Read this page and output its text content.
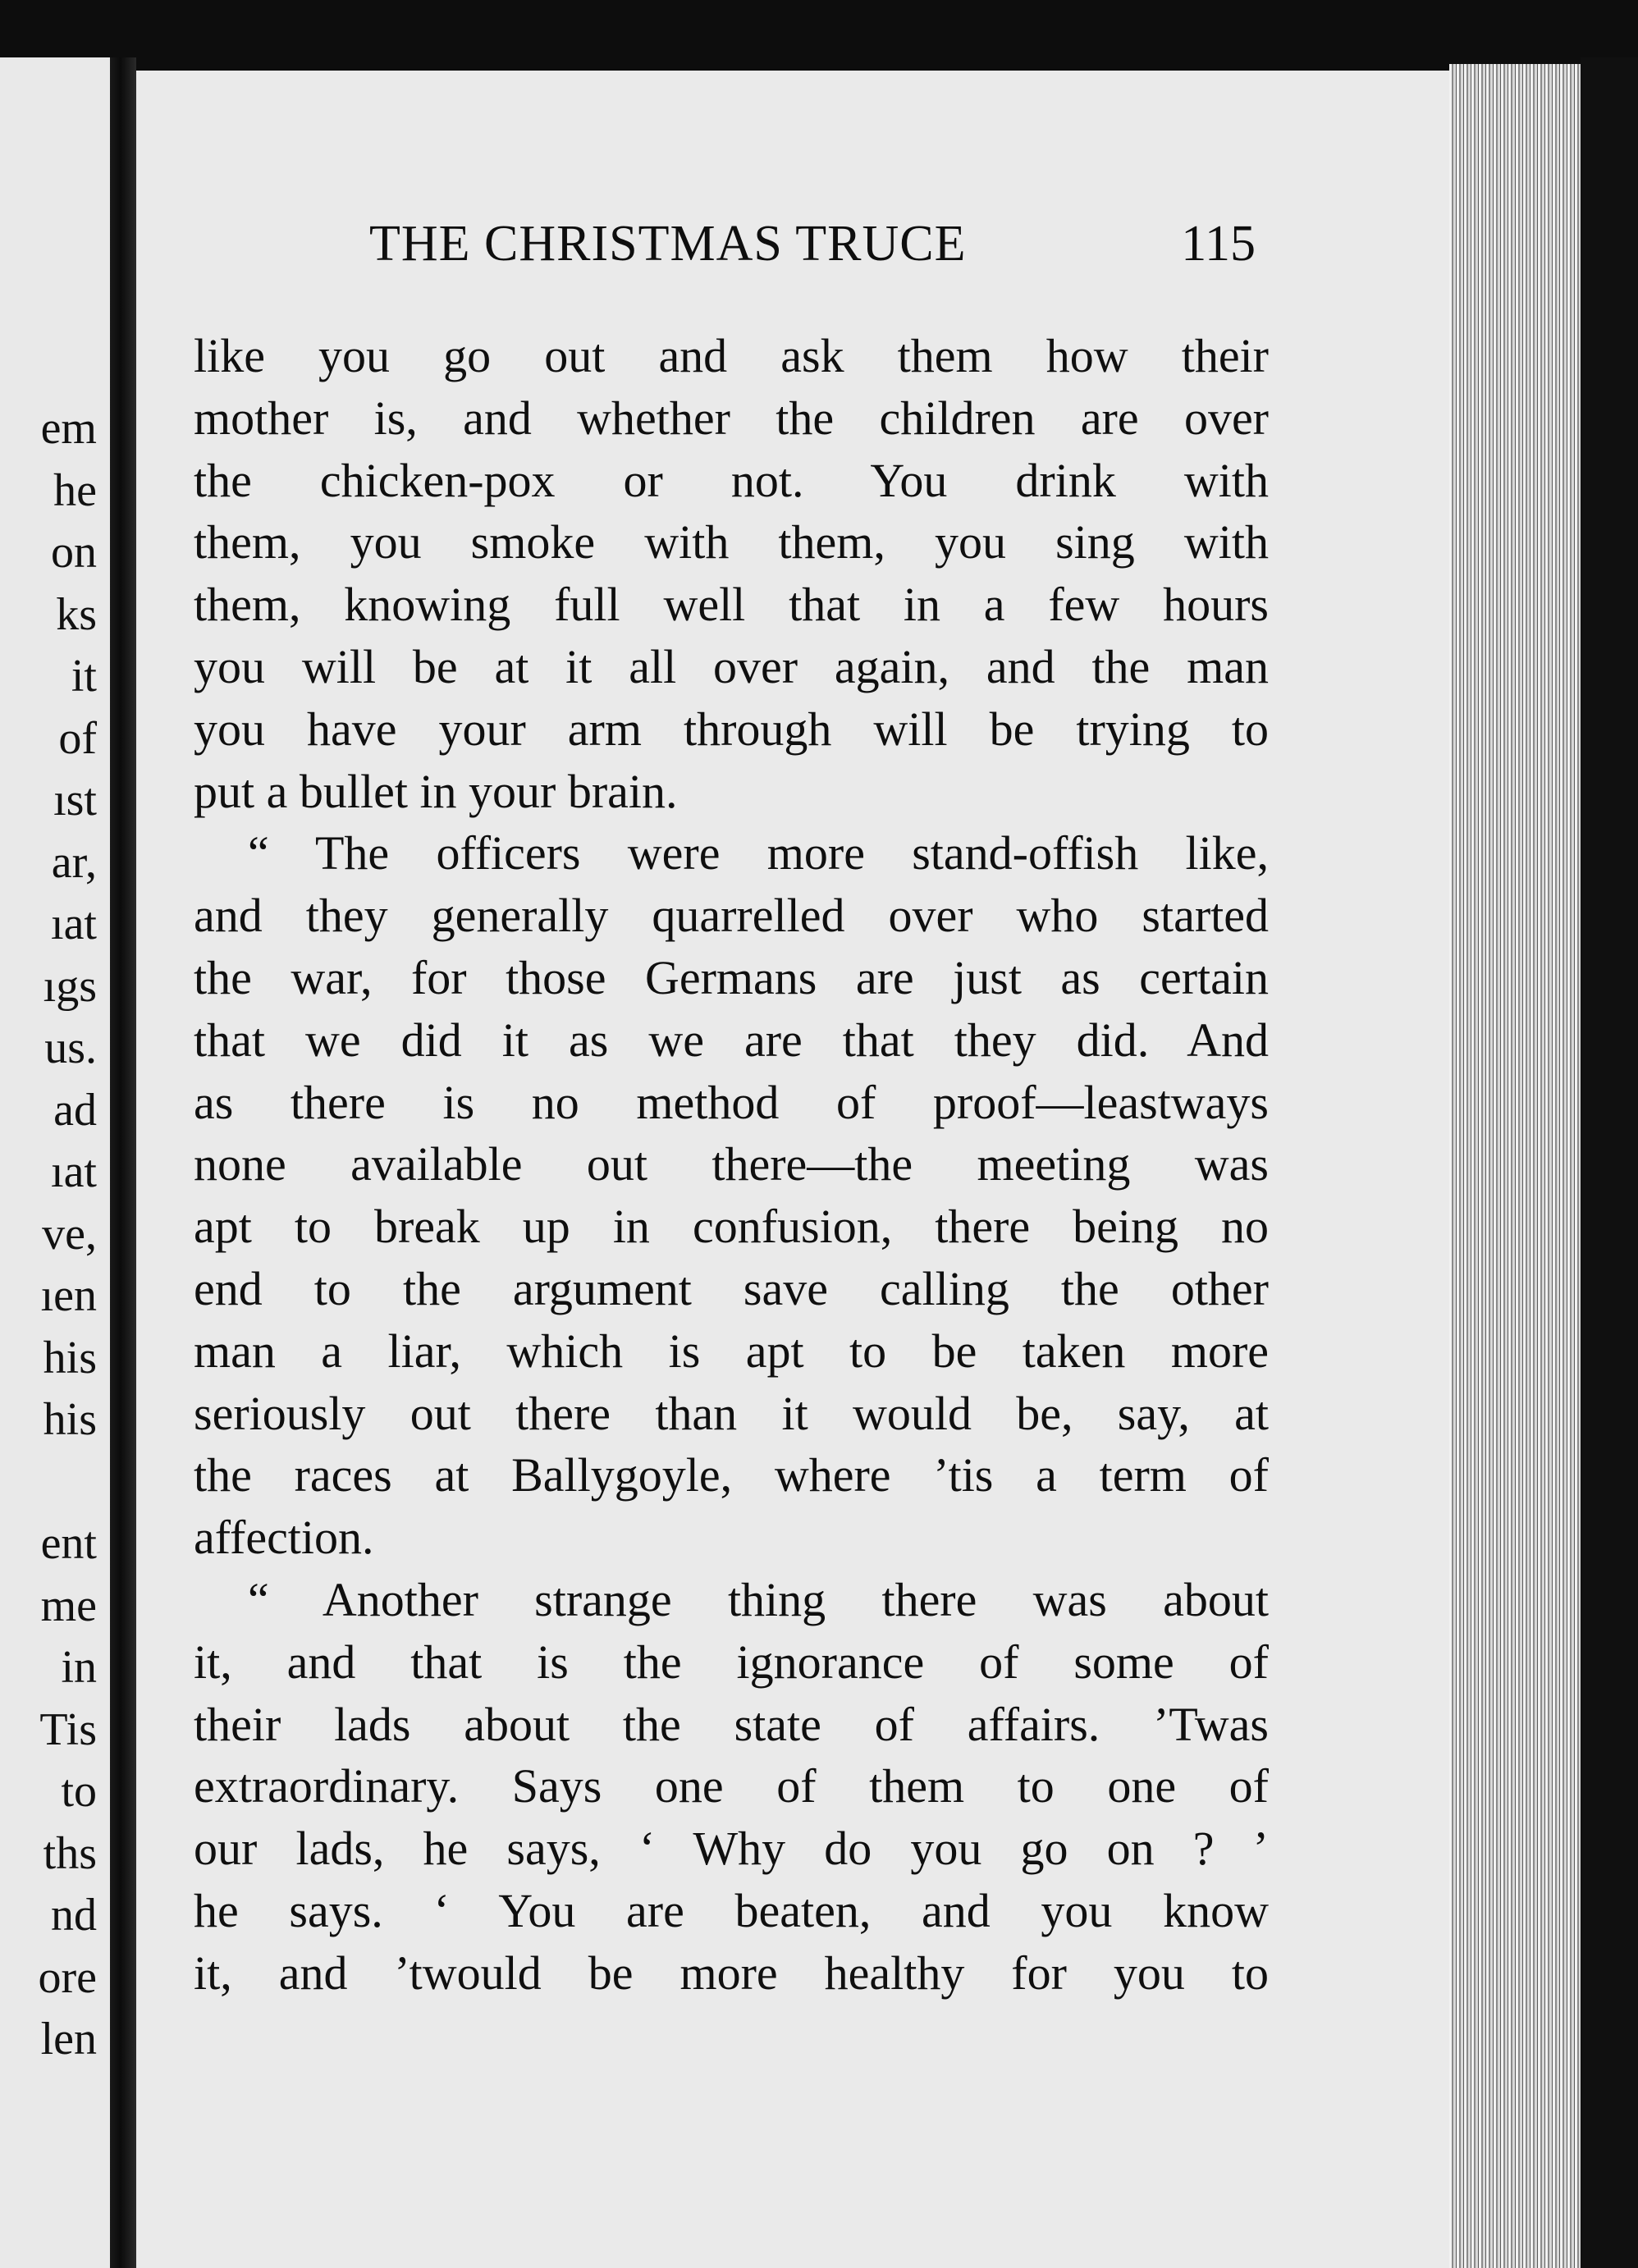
em
he
on
ks
it
of
ıst
ar,
ıat
ıgs
us.
ad
ıat
ve,
ıen
his
his
ent
me
in
Tis
to
ths
nd
ore
len
THE CHRISTMAS TRUCE	115
like you go out and ask them how their
mother is, and whether the children are over
the chicken-pox or not. You drink with
them, you smoke with them, you sing with
them, knowing full well that in a few hours
you will be at it all over again, and the man
you have your arm through will be trying to
put a bullet in your brain.
“ The officers were more stand-offish like,
and they generally quarrelled over who started
the war, for those Germans are just as certain
that we did it as we are that they did. And
as there is no method of proof—leastways
none available out there—the meeting was
apt to break up in confusion, there being no
end to the argument save calling the other
man a liar, which is apt to be taken more
seriously out there than it would be, say, at
the races at Ballygoyle, where ’tis a term of
affection.
“ Another strange thing there was about
it, and that is the ignorance of some of
their lads about the state of affairs. ’Twas
extraordinary. Says one of them to one of
our lads, he says, ‘ Why do you go on ? ’
he says. ‘ You are beaten, and you know
it, and ’twould be more healthy for you to
